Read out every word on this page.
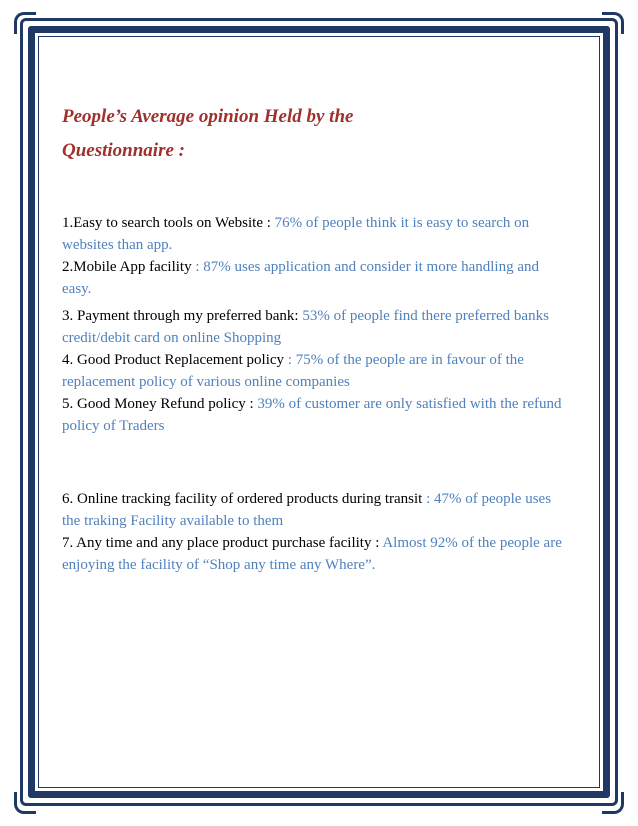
People’s Average opinion Held by the
Questionnaire :
1.Easy to search tools on Website : 76% of people think it is easy to search on websites than app.
2.Mobile App facility : 87% uses application and consider it more handling and easy.
3. Payment through my preferred bank: 53% of people find there preferred banks credit/debit card on online Shopping
4. Good Product Replacement policy : 75% of the people are in favour of the replacement policy of various online companies
5. Good Money Refund policy : 39% of customer are only satisfied with the refund policy of Traders
6. Online tracking facility of ordered products during transit : 47% of people uses the traking Facility available to them
7. Any time and any place product purchase facility : Almost 92% of the people are enjoying the facility of “Shop any time any Where”.
